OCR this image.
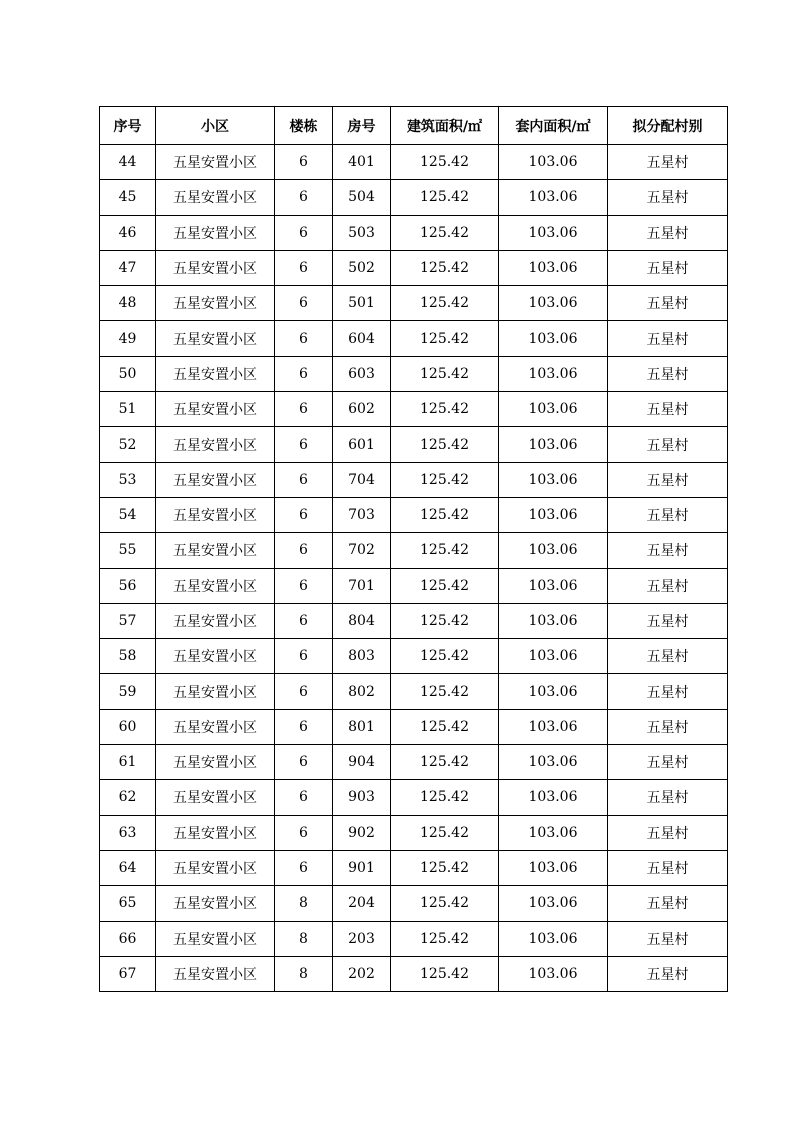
序号	小区	楼栋	房号	建筑面积/㎡	套内面积/㎡	拟分配村别
44	五星安置小区	6	401	125.42	103.06	五星村
45	五星安置小区	6	504	125.42	103.06	五星村
46	五星安置小区	6	503	125.42	103.06	五星村
47	五星安置小区	6	502	125.42	103.06	五星村
48	五星安置小区	6	501	125.42	103.06	五星村
49	五星安置小区	6	604	125.42	103.06	五星村
50	五星安置小区	6	603	125.42	103.06	五星村
51	五星安置小区	6	602	125.42	103.06	五星村
52	五星安置小区	6	601	125.42	103.06	五星村
53	五星安置小区	6	704	125.42	103.06	五星村
54	五星安置小区	6	703	125.42	103.06	五星村
55	五星安置小区	6	702	125.42	103.06	五星村
56	五星安置小区	6	701	125.42	103.06	五星村
57	五星安置小区	6	804	125.42	103.06	五星村
58	五星安置小区	6	803	125.42	103.06	五星村
59	五星安置小区	6	802	125.42	103.06	五星村
60	五星安置小区	6	801	125.42	103.06	五星村
61	五星安置小区	6	904	125.42	103.06	五星村
62	五星安置小区	6	903	125.42	103.06	五星村
63	五星安置小区	6	902	125.42	103.06	五星村
64	五星安置小区	6	901	125.42	103.06	五星村
65	五星安置小区	8	204	125.42	103.06	五星村
66	五星安置小区	8	203	125.42	103.06	五星村
67	五星安置小区	8	202	125.42	103.06	五星村
